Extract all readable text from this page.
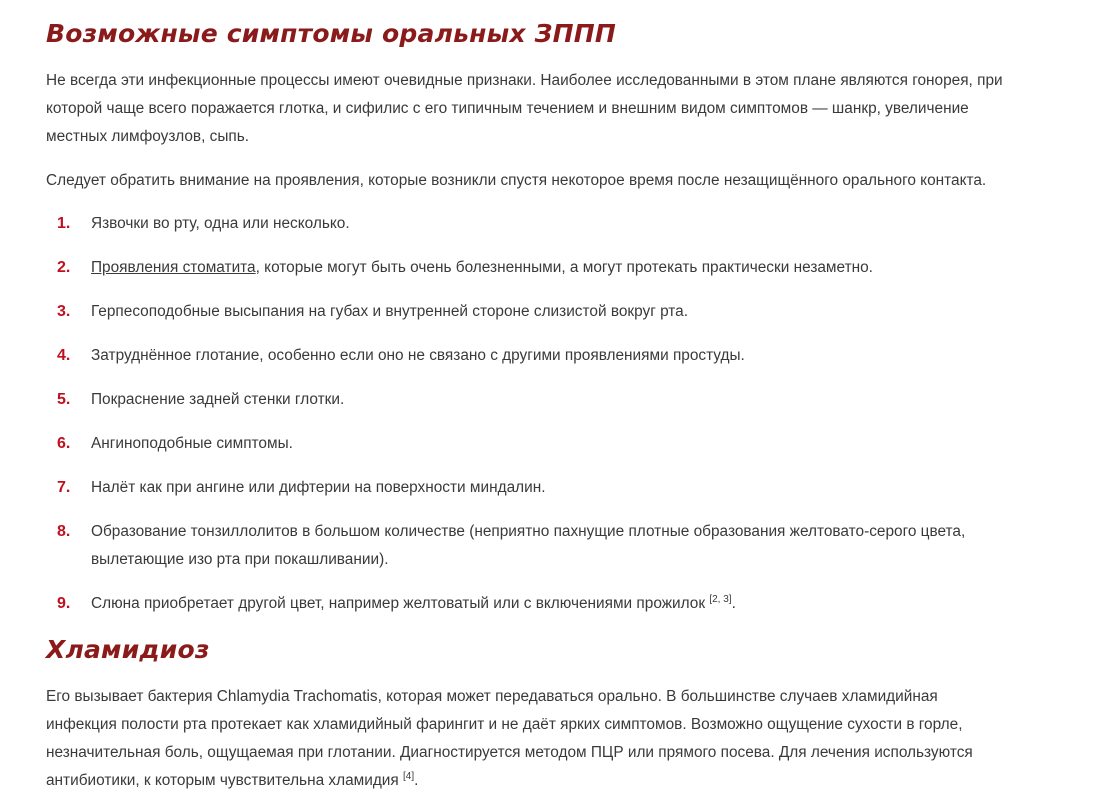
Возможные симптомы оральных ЗППП

Не всегда эти инфекционные процессы имеют очевидные признаки. Наиболее исследованными в этом плане являются гонорея, при которой чаще всего поражается глотка, и сифилис с его типичным течением и внешним видом симптомов — шанкр, увеличение местных лимфоузлов, сыпь.

Следует обратить внимание на проявления, которые возникли спустя некоторое время после незащищённого орального контакта.

1. Язвочки во рту, одна или несколько.
2. Проявления стоматита, которые могут быть очень болезненными, а могут протекать практически незаметно.
3. Герпесоподобные высыпания на губах и внутренней стороне слизистой вокруг рта.
4. Затруднённое глотание, особенно если оно не связано с другими проявлениями простуды.
5. Покраснение задней стенки глотки.
6. Ангиноподобные симптомы.
7. Налёт как при ангине или дифтерии на поверхности миндалин.
8. Образование тонзиллолитов в большом количестве (неприятно пахнущие плотные образования желтовато-серого цвета, вылетающие изо рта при покашливании).
9. Слюна приобретает другой цвет, например желтоватый или с включениями прожилок [2, 3].
Хламидиоз

Его вызывает бактерия Chlamydia Trachomatis, которая может передаваться орально. В большинстве случаев хламидийная инфекция полости рта протекает как хламидийный фарингит и не даёт ярких симптомов. Возможно ощущение сухости в горле, незначительная боль, ощущаемая при глотании. Диагностируется методом ПЦР или прямого посева. Для лечения используются антибиотики, к которым чувствительна хламидия [4].
